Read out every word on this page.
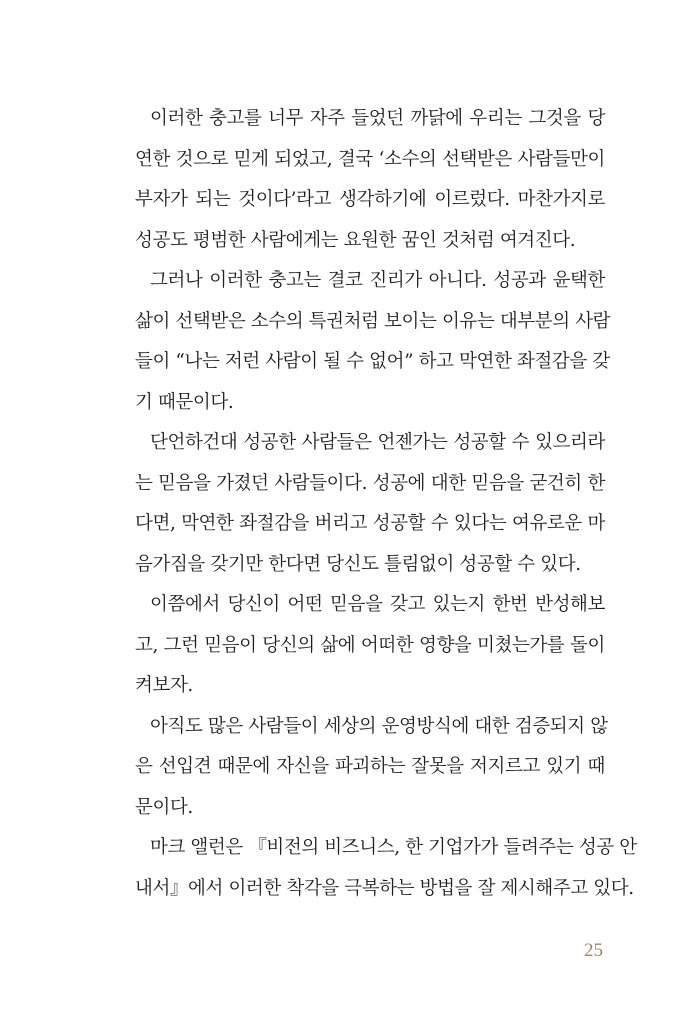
이러한 충고를 너무 자주 들었던 까닭에 우리는 그것을 당
연한 것으로 믿게 되었고, 결국 ‘소수의 선택받은 사람들만이
부자가 되는 것이다’라고 생각하기에 이르렀다. 마찬가지로
성공도 평범한 사람에게는 요원한 꿈인 것처럼 여겨진다.
그러나 이러한 충고는 결코 진리가 아니다. 성공과 윤택한
삶이 선택받은 소수의 특권처럼 보이는 이유는 대부분의 사람
들이 “나는 저런 사람이 될 수 없어” 하고 막연한 좌절감을 갖
기 때문이다.
단언하건대 성공한 사람들은 언젠가는 성공할 수 있으리라
는 믿음을 가졌던 사람들이다. 성공에 대한 믿음을 굳건히 한
다면, 막연한 좌절감을 버리고 성공할 수 있다는 여유로운 마
음가짐을 갖기만 한다면 당신도 틀림없이 성공할 수 있다.
이쯤에서 당신이 어떤 믿음을 갖고 있는지 한번 반성해보
고, 그런 믿음이 당신의 삶에 어떠한 영향을 미쳤는가를 돌이
켜보자.
아직도 많은 사람들이 세상의 운영방식에 대한 검증되지 않
은 선입견 때문에 자신을 파괴하는 잘못을 저지르고 있기 때
문이다.
마크 앨런은 『비전의 비즈니스, 한 기업가가 들려주는 성공 안
내서』에서 이러한 착각을 극복하는 방법을 잘 제시해주고 있다.
25
